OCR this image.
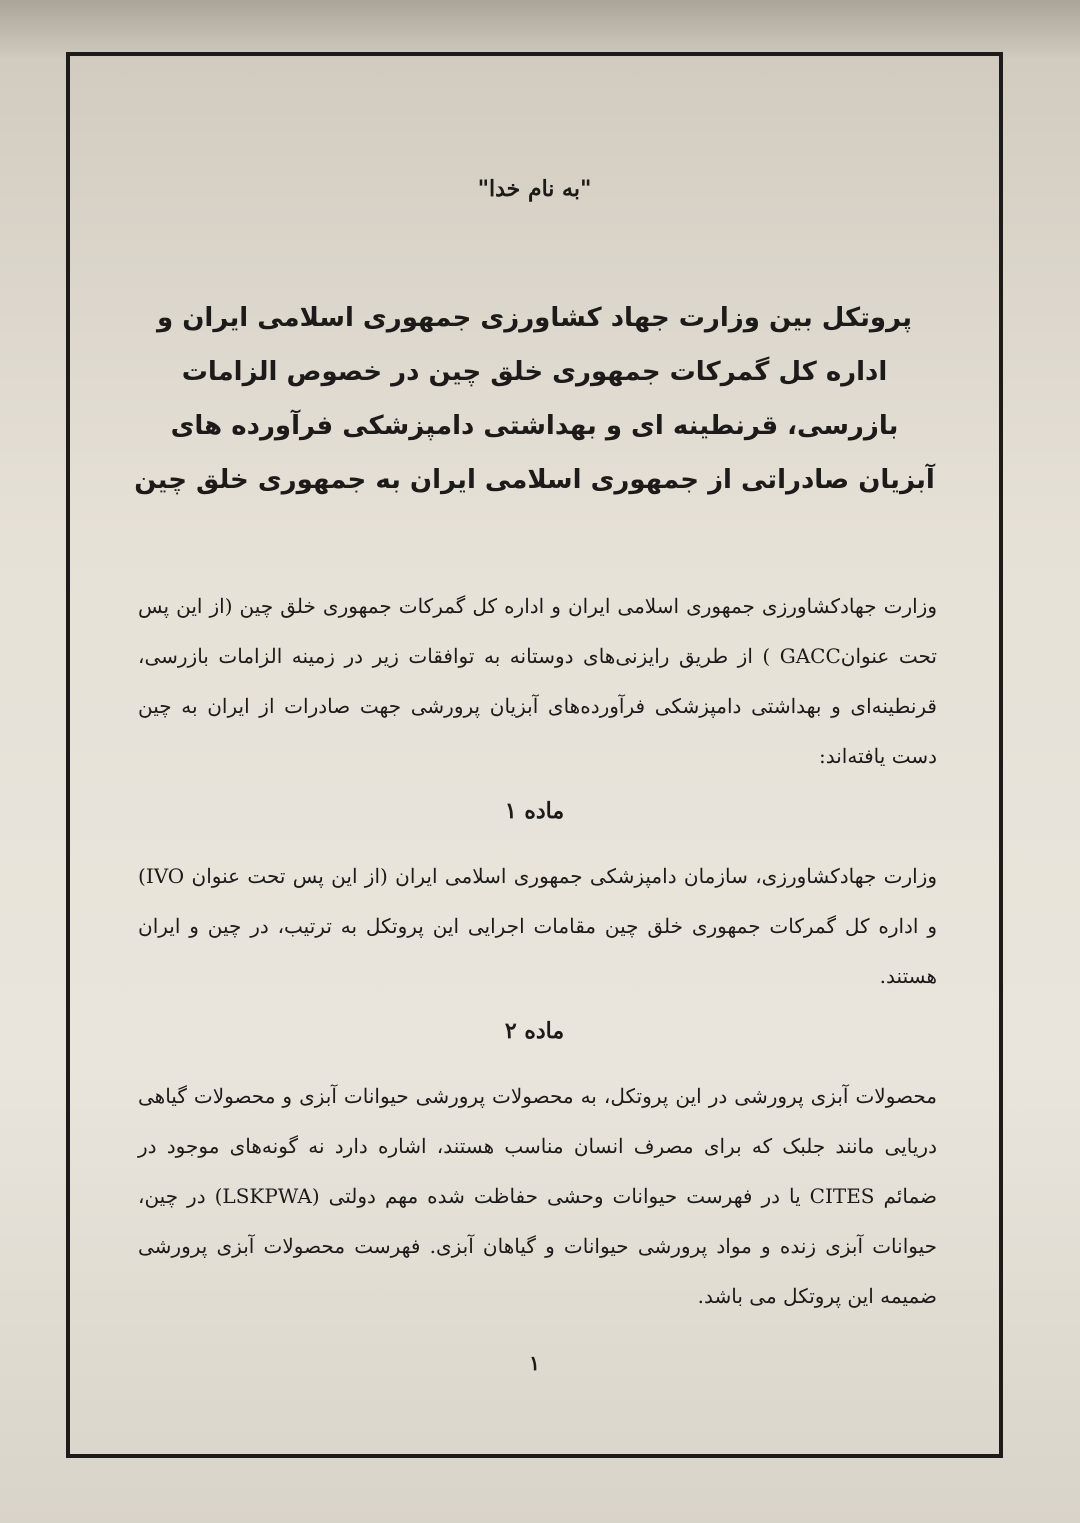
"به نام خدا"
پروتکل بین وزارت جهاد کشاورزی جمهوری اسلامی ایران و اداره کل گمرکات جمهوری خلق چین در خصوص الزامات بازرسی، قرنطینه ای و بهداشتی دامپزشکی فرآورده های آبزیان صادراتی از جمهوری اسلامی ایران به جمهوری خلق چین

وزارت جهادکشاورزی جمهوری اسلامی ایران و اداره کل گمرکات جمهوری خلق چین (از این پس تحت عنوانGACC ) از طریق رایزنی‌های دوستانه به توافقات زیر در زمینه الزامات بازرسی، قرنطینه‌ای و بهداشتی دامپزشکی فرآورده‌های آبزیان پرورشی جهت صادرات از ایران به چین دست یافته‌اند:

ماده ۱

وزارت جهادکشاورزی، سازمان دامپزشکی جمهوری اسلامی ایران (از این پس تحت عنوان IVO) و اداره کل گمرکات جمهوری خلق چین مقامات اجرایی این پروتکل به ترتیب، در چین و ایران هستند.

ماده ۲

محصولات آبزی پرورشی در این پروتکل، به محصولات پرورشی حیوانات آبزی و محصولات گیاهی دریایی مانند جلبک که برای مصرف انسان مناسب هستند، اشاره دارد نه گونه‌های موجود در ضمائم CITES یا در فهرست حیوانات وحشی حفاظت شده مهم دولتی (LSKPWA) در چین، حیوانات آبزی زنده و مواد پرورشی حیوانات و گیاهان آبزی. فهرست محصولات آبزی پرورشی ضمیمه این پروتکل می باشد.

۱
